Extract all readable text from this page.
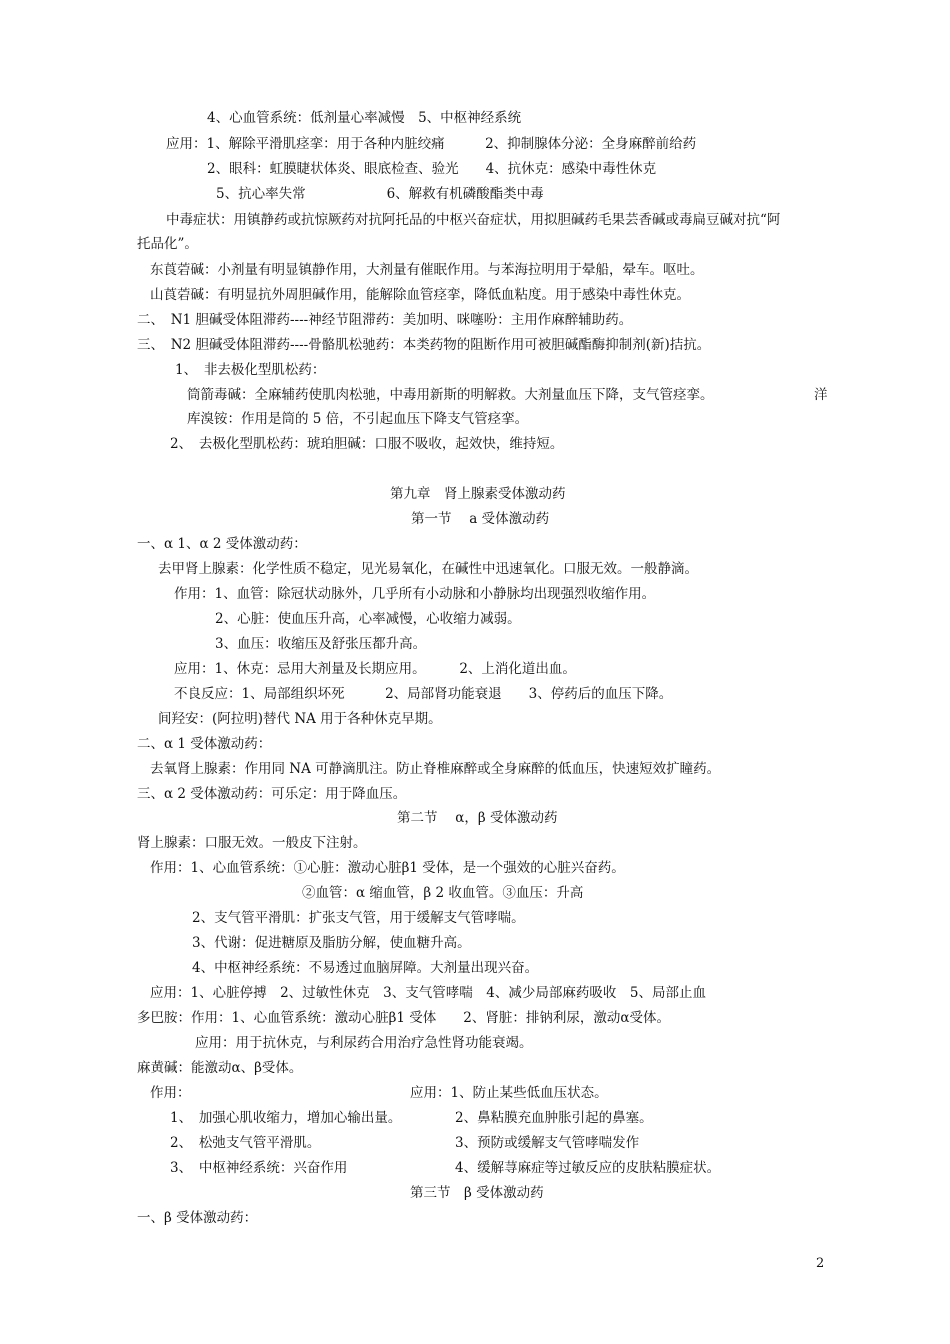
4、心血管系统：低剂量心率减慢　5、中枢神经系统
应用：1、解除平滑肌痉挛：用于各种内脏绞痛　　　2、抑制腺体分泌：全身麻醉前给药
2、眼科：虹膜睫状体炎、眼底检查、验光　　4、抗休克：感染中毒性休克
5、抗心率失常　　　　　　6、解救有机磷酸酯类中毒
中毒症状：用镇静药或抗惊厥药对抗阿托品的中枢兴奋症状，用拟胆碱药毛果芸香碱或毒扁豆碱对抗“阿
托品化”。
东莨菪碱：小剂量有明显镇静作用，大剂量有催眠作用。与苯海拉明用于晕船，晕车。呕吐。
山莨菪碱：有明显抗外周胆碱作用，能解除血管痉挛，降低血粘度。用于感染中毒性休克。
二、　N1 胆碱受体阻滞药----神经节阻滞药：美加明、咪噻吩：主用作麻醉辅助药。
三、　N2 胆碱受体阻滞药----骨骼肌松驰药：本类药物的阻断作用可被胆碱酯酶抑制剂(新)拮抗。
1、　非去极化型肌松药：
筒箭毒碱：全麻辅药使肌肉松驰，中毒用新斯的明解救。大剂量血压下降，支气管痉挛。	洋
库溴铵：作用是筒的 5 倍，不引起血压下降支气管痉挛。
2、　去极化型肌松药：琥珀胆碱：口服不吸收，起效快，维持短。
第九章　肾上腺素受体激动药
第一节　 a 受体激动药
一、α 1、α 2 受体激动药：
去甲肾上腺素：化学性质不稳定，见光易氧化，在碱性中迅速氧化。口服无效。一般静滴。
作用：1、血管：除冠状动脉外，几乎所有小动脉和小静脉均出现强烈收缩作用。
2、心脏：使血压升高，心率减慢，心收缩力减弱。
3、血压：收缩压及舒张压都升高。
应用：1、休克：忌用大剂量及长期应用。　　　2、上消化道出血。
不良反应：1、局部组织坏死　　　2、局部肾功能衰退　　3、停药后的血压下降。
间羟安：(阿拉明)替代 NA 用于各种休克早期。
二、α 1 受体激动药：
去氧肾上腺素：作用同 NA 可静滴肌注。防止脊椎麻醉或全身麻醉的低血压，快速短效扩瞳药。
三、α 2 受体激动药：可乐定：用于降血压。
第二节　 α，β 受体激动药
肾上腺素：口服无效。一般皮下注射。
作用：1、心血管系统：①心脏：激动心脏β1 受体，是一个强效的心脏兴奋药。
②血管：α 缩血管，β 2 收血管。③血压：升高
2、支气管平滑肌：扩张支气管，用于缓解支气管哮喘。
3、代谢：促进糖原及脂肪分解，使血糖升高。
4、中枢神经系统：不易透过血脑屏障。大剂量出现兴奋。
应用：1、心脏停搏　2、过敏性休克　3、支气管哮喘　4、减少局部麻药吸收　5、局部止血
多巴胺：作用：1、心血管系统：激动心脏β1 受体　　2、肾脏：排钠利尿，激动α受体。
应用：用于抗休克，与利尿药合用治疗急性肾功能衰竭。
麻黄碱：能激动α、β受体。
作用：	应用：1、防止某些低血压状态。
1、　加强心肌收缩力，增加心输出量。	2、鼻粘膜充血肿胀引起的鼻塞。
2、　松弛支气管平滑肌。	3、预防或缓解支气管哮喘发作
3、　中枢神经系统：兴奋作用	4、缓解荨麻症等过敏反应的皮肤粘膜症状。
第三节　β 受体激动药
一、β 受体激动药：
2
